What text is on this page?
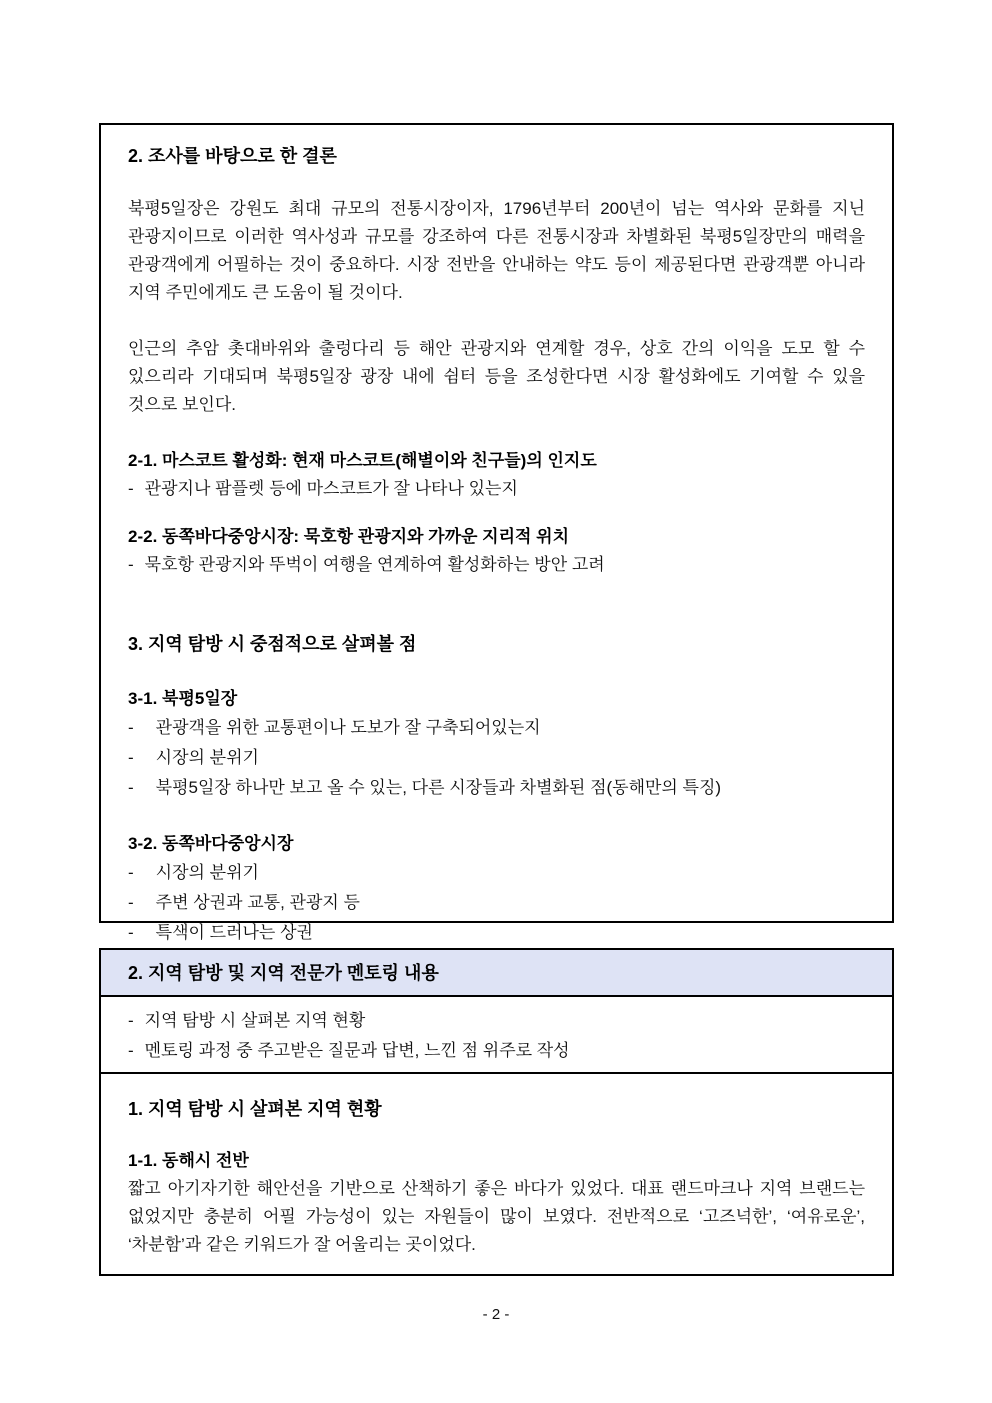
2. 조사를 바탕으로 한 결론

북평5일장은 강원도 최대 규모의 전통시장이자, 1796년부터 200년이 넘는 역사와 문화를 지닌 관광지이므로 이러한 역사성과 규모를 강조하여 다른 전통시장과 차별화된 북평5일장만의 매력을 관광객에게 어필하는 것이 중요하다. 시장 전반을 안내하는 약도 등이 제공된다면 관광객뿐 아니라 지역 주민에게도 큰 도움이 될 것이다.

인근의 추암 촛대바위와 출렁다리 등 해안 관광지와 연계할 경우, 상호 간의 이익을 도모 할 수 있으리라 기대되며 북평5일장 광장 내에 쉼터 등을 조성한다면 시장 활성화에도 기여할 수 있을 것으로 보인다.

2-1. 마스코트 활성화: 현재 마스코트(해별이와 친구들)의 인지도
- 관광지나 팜플렛 등에 마스코트가 잘 나타나 있는지
2-2. 동쪽바다중앙시장: 묵호항 관광지와 가까운 지리적 위치
- 묵호항 관광지와 뚜벅이 여행을 연계하여 활성화하는 방안 고려
3. 지역 탐방 시 중점적으로 살펴볼 점
3-1. 북평5일장
- 관광객을 위한 교통편이나 도보가 잘 구축되어있는지
- 시장의 분위기
- 북평5일장 하나만 보고 올 수 있는, 다른 시장들과 차별화된 점(동해만의 특징)
3-2. 동쪽바다중앙시장
- 시장의 분위기
- 주변 상권과 교통, 관광지 등
- 특색이 드러나는 상권
2. 지역 탐방 및 지역 전문가 멘토링 내용
- 지역 탐방 시 살펴본 지역 현황
- 멘토링 과정 중 주고받은 질문과 답변, 느낀 점 위주로 작성
1. 지역 탐방 시 살펴본 지역 현황
1-1. 동해시 전반

짧고 아기자기한 해안선을 기반으로 산책하기 좋은 바다가 있었다. 대표 랜드마크나 지역 브랜드는 없었지만 충분히 어필 가능성이 있는 자원들이 많이 보였다. 전반적으로 ‘고즈넉한’, ‘여유로운’, ‘차분함’과 같은 키워드가 잘 어울리는 곳이었다.

- 2 -
